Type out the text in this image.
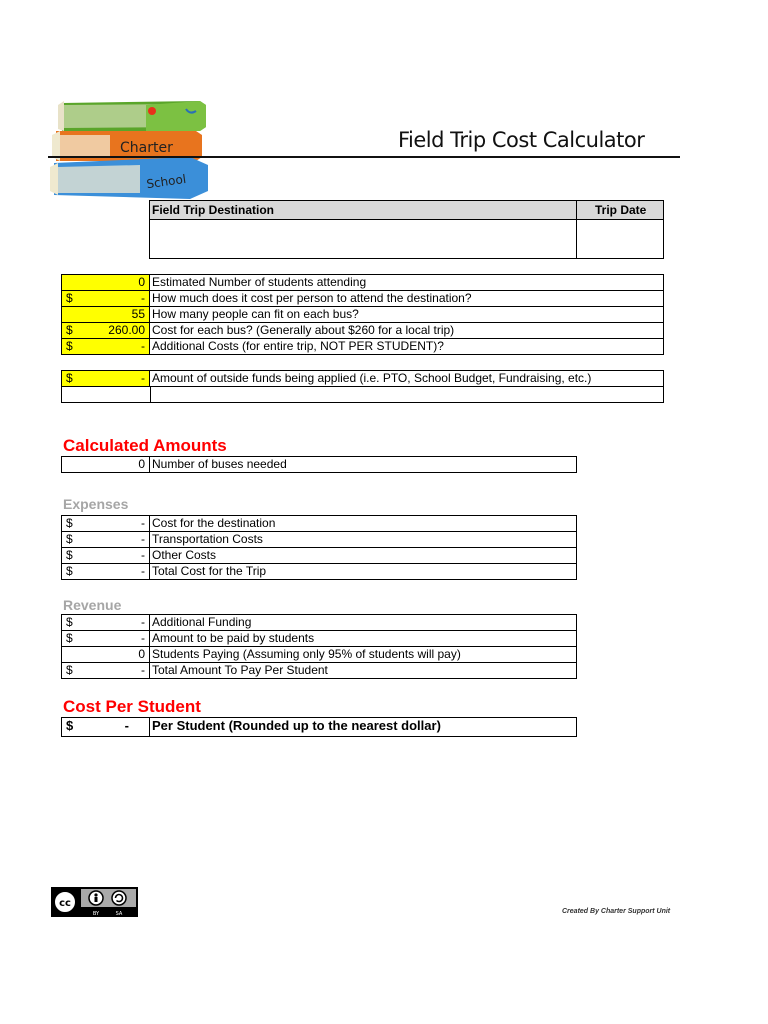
Charter
School
Field Trip Cost Calculator
Field Trip Destination	Trip Date
0 Estimated Number of students attending
$	- How much does it cost per person to attend the destination?
55 How many people can fit on each bus?
$	260.00 Cost for each bus? (Generally about $260 for a local trip)
$	- Additional Costs (for entire trip, NOT PER STUDENT)?
$	- Amount of outside funds being applied (i.e. PTO, School Budget, Fundraising, etc.)
Calculated Amounts
0 Number of buses needed
Expenses
$	- Cost for the destination
$	- Transportation Costs
$	- Other Costs
$	- Total Cost for the Trip
Revenue
$	- Additional Funding
$	- Amount to be paid by students
0 Students Paying (Assuming only 95% of students will pay)
$	- Total Amount To Pay Per Student
Cost Per Student
$	- Per Student (Rounded up to the nearest dollar)
cc
BY	SA	Created By Charter Support Unit
